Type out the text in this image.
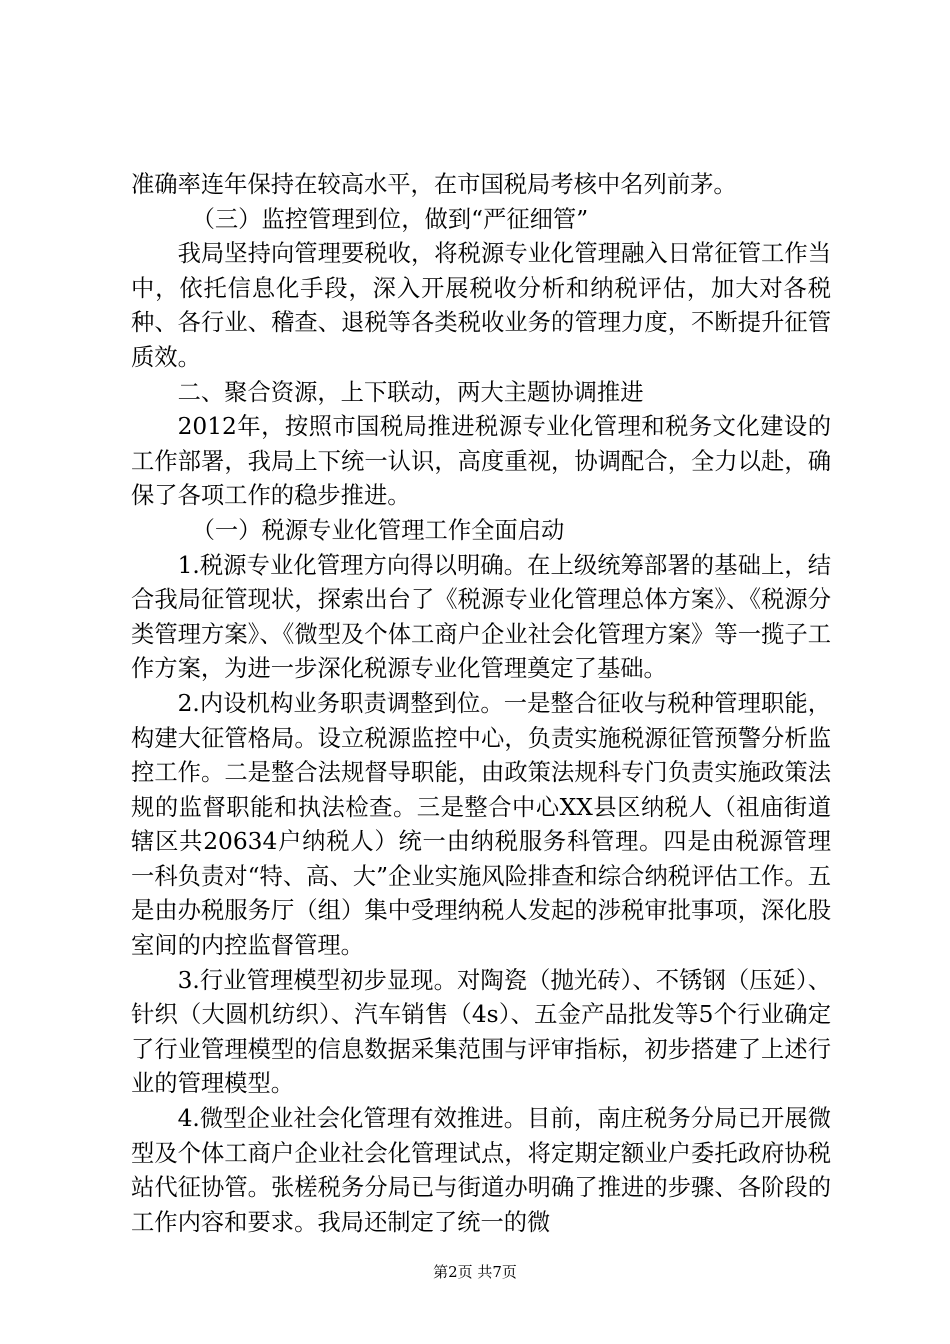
准确率连年保持在较高水平，在市国税局考核中名列前茅。

（三）监控管理到位，做到“严征细管”

我局坚持向管理要税收，将税源专业化管理融入日常征管工作当中，依托信息化手段，深入开展税收分析和纳税评估，加大对各税种、各行业、稽查、退税等各类税收业务的管理力度，不断提升征管质效。

二、聚合资源，上下联动，两大主题协调推进

2012年，按照市国税局推进税源专业化管理和税务文化建设的工作部署，我局上下统一认识，高度重视，协调配合，全力以赴，确保了各项工作的稳步推进。

（一）税源专业化管理工作全面启动

1.税源专业化管理方向得以明确。在上级统筹部署的基础上，结合我局征管现状，探索出台了《税源专业化管理总体方案》、《税源分类管理方案》、《微型及个体工商户企业社会化管理方案》等一揽子工作方案，为进一步深化税源专业化管理奠定了基础。

2.内设机构业务职责调整到位。一是整合征收与税种管理职能，构建大征管格局。设立税源监控中心，负责实施税源征管预警分析监控工作。二是整合法规督导职能，由政策法规科专门负责实施政策法规的监督职能和执法检查。三是整合中心XX县区纳税人（祖庙街道辖区共20634户纳税人）统一由纳税服务科管理。四是由税源管理一科负责对“特、高、大”企业实施风险排查和综合纳税评估工作。五是由办税服务厅（组）集中受理纳税人发起的涉税审批事项，深化股室间的内控监督管理。

3.行业管理模型初步显现。对陶瓷（抛光砖）、不锈钢（压延）、针织（大圆机纺织）、汽车销售（4s）、五金产品批发等5个行业确定了行业管理模型的信息数据采集范围与评审指标，初步搭建了上述行业的管理模型。

4.微型企业社会化管理有效推进。目前，南庄税务分局已开展微型及个体工商户企业社会化管理试点，将定期定额业户委托政府协税站代征协管。张槎税务分局已与街道办明确了推进的步骤、各阶段的工作内容和要求。我局还制定了统一的微

第2页 共7页
